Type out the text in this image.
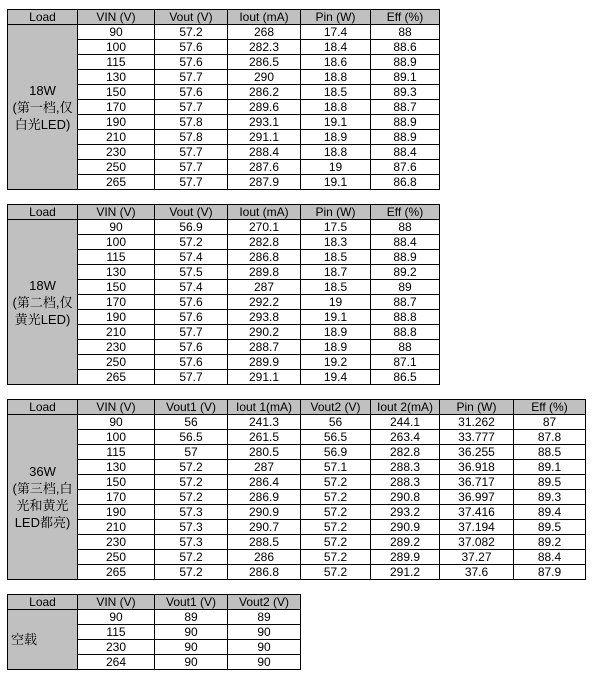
Load	VIN (V)	Vout (V)	Iout (mA)	Pin (W)	Eff (%)
18W
(第一档,仅
白光LED)	90	57.2	268	17.4	88
	100	57.6	282.3	18.4	88.6
	115	57.6	286.5	18.6	88.9
	130	57.7	290	18.8	89.1
	150	57.6	286.2	18.5	89.3
	170	57.7	289.6	18.8	88.7
	190	57.8	293.1	19.1	88.9
	210	57.8	291.1	18.9	88.9
	230	57.7	288.4	18.8	88.4
	250	57.7	287.6	19	87.6
	265	57.7	287.9	19.1	86.8
Load	VIN (V)	Vout (V)	Iout (mA)	Pin (W)	Eff (%)
18W
(第二档,仅
黄光LED)	90	56.9	270.1	17.5	88
	100	57.2	282.8	18.3	88.4
	115	57.4	286.8	18.5	88.9
	130	57.5	289.8	18.7	89.2
	150	57.4	287	18.5	89
	170	57.6	292.2	19	88.7
	190	57.6	293.8	19.1	88.8
	210	57.7	290.2	18.9	88.8
	230	57.6	288.7	18.9	88
	250	57.6	289.9	19.2	87.1
	265	57.7	291.1	19.4	86.5
Load	VIN (V)	Vout1 (V)	Iout 1(mA)	Vout2 (V)	Iout 2(mA)	Pin (W)	Eff (%)
36W
(第三档,白
光和黄光
LED都亮)	90	56	241.3	56	244.1	31.262	87
	100	56.5	261.5	56.5	263.4	33.777	87.8
	115	57	280.5	56.9	282.8	36.255	88.5
	130	57.2	287	57.1	288.3	36.918	89.1
	150	57.2	286.4	57.2	288.3	36.717	89.5
	170	57.2	286.9	57.2	290.8	36.997	89.3
	190	57.3	290.9	57.2	293.2	37.416	89.4
	210	57.3	290.7	57.2	290.9	37.194	89.5
	230	57.3	288.5	57.2	289.2	37.082	89.2
	250	57.2	286	57.2	289.9	37.27	88.4
	265	57.2	286.8	57.2	291.2	37.6	87.9
Load	VIN (V)	Vout1 (V)	Vout2 (V)
空载	90	89	89
	115	90	90
	230	90	90
	264	90	90
